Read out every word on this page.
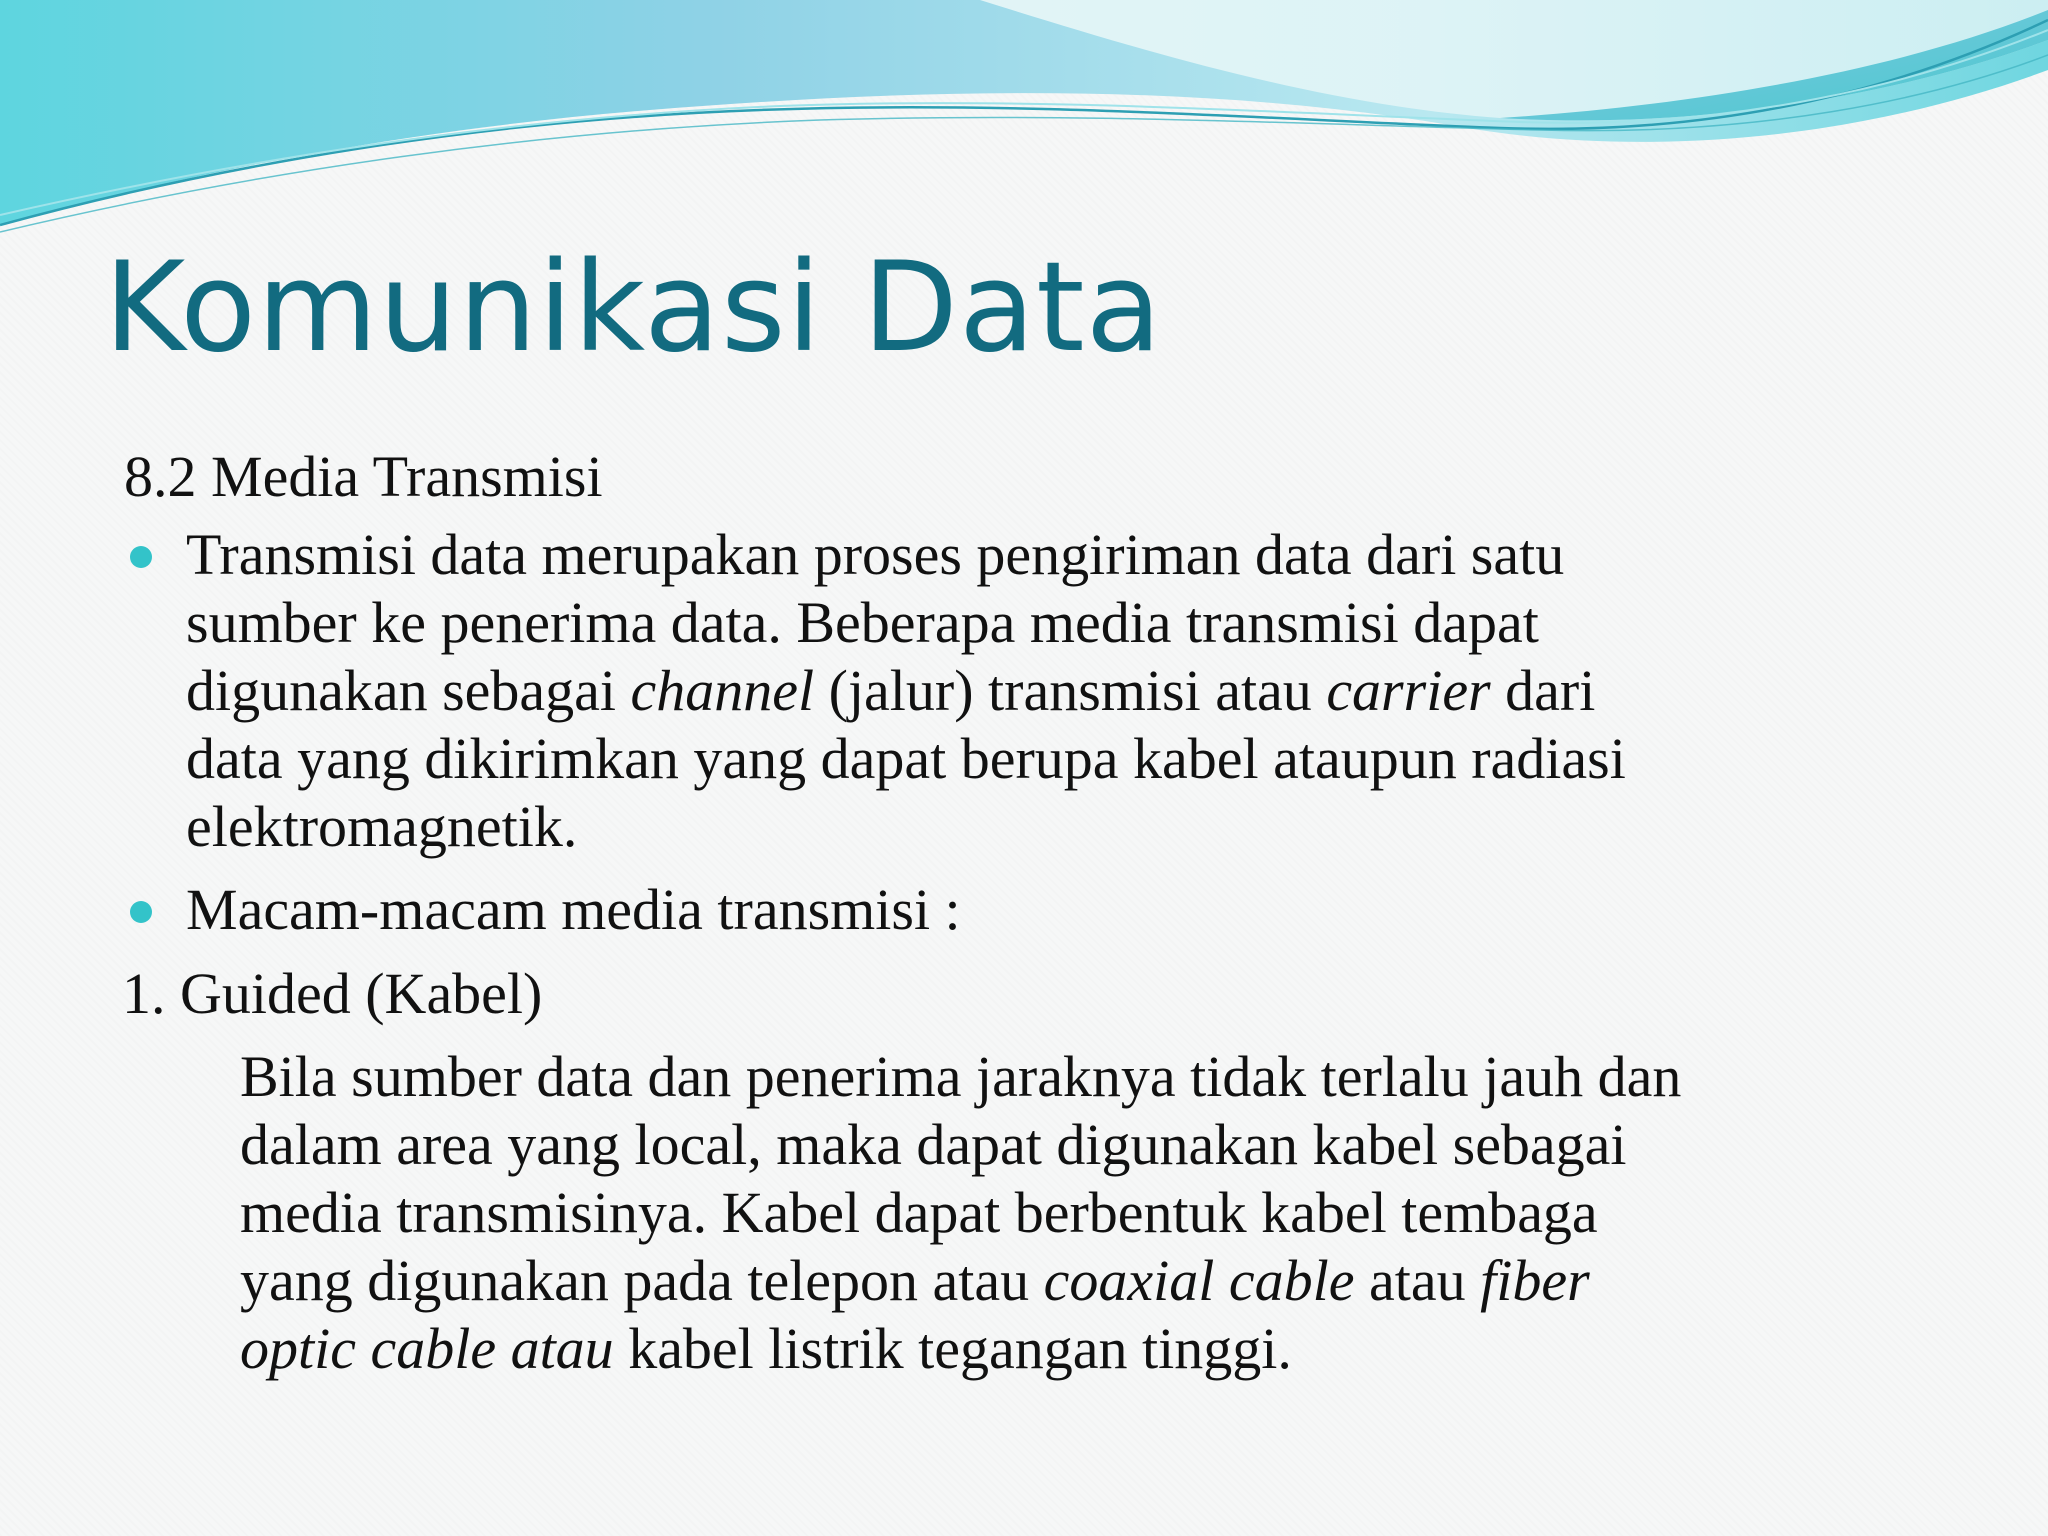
Komunikasi Data
8.2 Media Transmisi
Transmisi data merupakan proses pengiriman data dari satu
sumber ke penerima data. Beberapa media transmisi dapat
digunakan sebagai channel (jalur) transmisi atau carrier dari
data yang dikirimkan yang dapat berupa kabel ataupun radiasi
elektromagnetik.
Macam-macam media transmisi :
1. Guided (Kabel)
Bila sumber data dan penerima jaraknya tidak terlalu jauh dan
dalam area yang local, maka dapat digunakan kabel sebagai
media transmisinya. Kabel dapat berbentuk kabel tembaga
yang digunakan pada telepon atau coaxial cable atau fiber
optic cable atau kabel listrik tegangan tinggi.
